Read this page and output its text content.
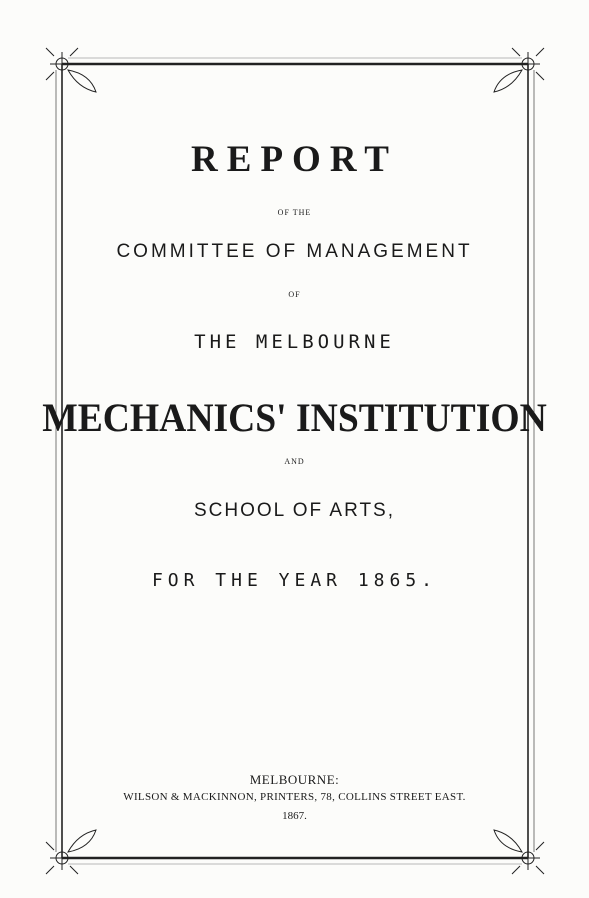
REPORT
OF THE
COMMITTEE OF MANAGEMENT
OF
THE MELBOURNE
MECHANICS' INSTITUTION
AND
SCHOOL OF ARTS,
FOR THE YEAR 1865.
MELBOURNE:
WILSON & MACKINNON, PRINTERS, 78, COLLINS STREET EAST.
1867.
